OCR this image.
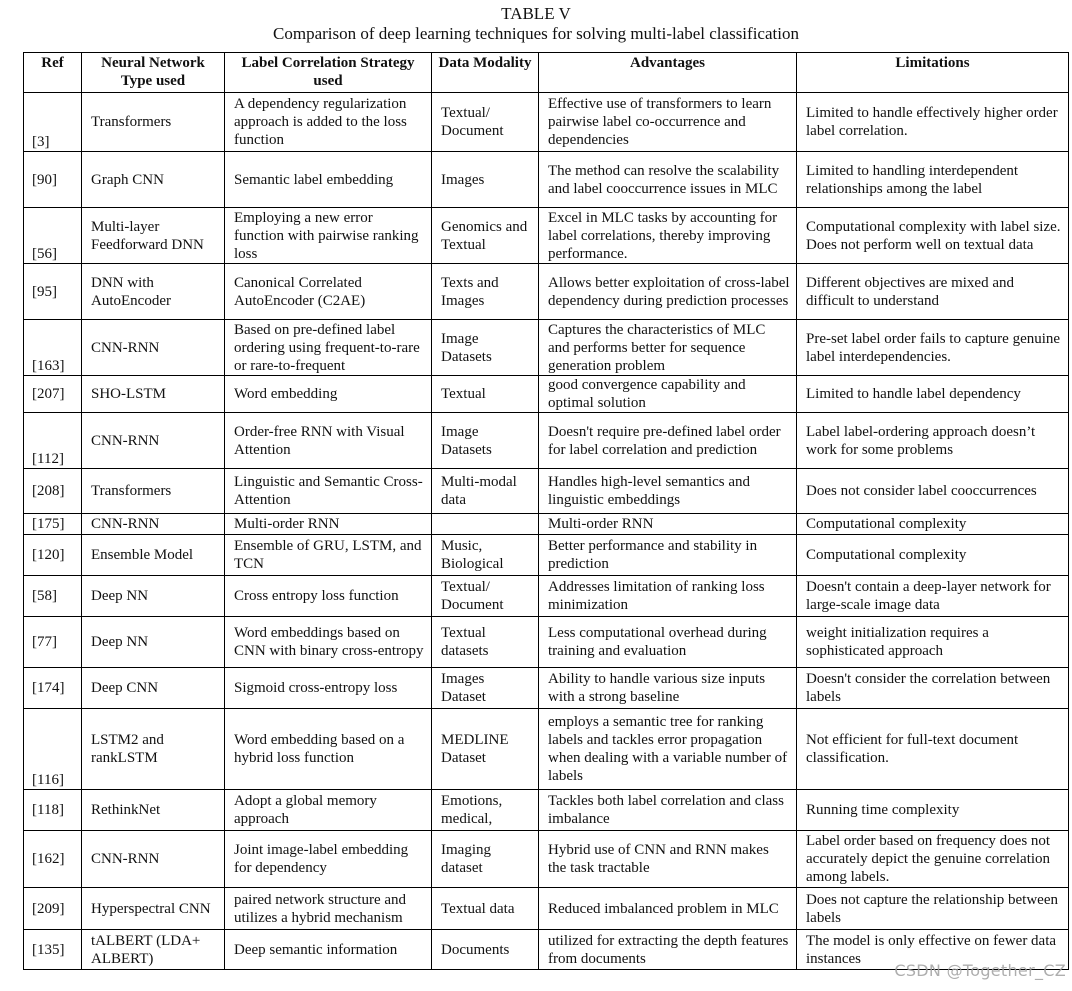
TABLE V
Comparison of deep learning techniques for solving multi-label classification
Ref	Neural Network Type used	Label Correlation Strategy used	Data Modality	Advantages	Limitations
[3]	Transformers	A dependency regularization approach is added to the loss function	Textual/ Document	Effective use of transformers to learn pairwise label co-occurrence and dependencies	Limited to handle effectively higher order label correlation.
[90]	Graph CNN	Semantic label embedding	Images	The method can resolve the scalability and label cooccurrence issues in MLC	Limited to handling interdependent relationships among the label
[56]	Multi-layer Feedforward DNN	Employing a new error function with pairwise ranking loss	Genomics and Textual	Excel in MLC tasks by accounting for label correlations, thereby improving performance.	Computational complexity with label size. Does not perform well on textual data
[95]	DNN with AutoEncoder	Canonical Correlated AutoEncoder (C2AE)	Texts and Images	Allows better exploitation of cross-label dependency during prediction processes	Different objectives are mixed and difficult to understand
[163]	CNN-RNN	Based on pre-defined label ordering using frequent-to-rare or rare-to-frequent	Image Datasets	Captures the characteristics of MLC and performs better for sequence generation problem	Pre-set label order fails to capture genuine label interdependencies.
[207]	SHO-LSTM	Word embedding	Textual	good convergence capability and optimal solution	Limited to handle label dependency
[112]	CNN-RNN	Order-free RNN with Visual Attention	Image Datasets	Doesn't require pre-defined label order for label correlation and prediction	Label label-ordering approach doesn’t work for some problems
[208]	Transformers	Linguistic and Semantic Cross-Attention	Multi-modal data	Handles high-level semantics and linguistic embeddings	Does not consider label cooccurrences
[175]	CNN-RNN	Multi-order RNN		Multi-order RNN	Computational complexity
[120]	Ensemble Model	Ensemble of GRU, LSTM, and TCN	Music, Biological	Better performance and stability in prediction	Computational complexity
[58]	Deep NN	Cross entropy loss function	Textual/ Document	Addresses limitation of ranking loss minimization	Doesn't contain a deep-layer network for large-scale image data
[77]	Deep NN	Word embeddings based on CNN with binary cross-entropy	Textual datasets	Less computational overhead during training and evaluation	weight initialization requires a sophisticated approach
[174]	Deep CNN	Sigmoid cross-entropy loss	Images Dataset	Ability to handle various size inputs with a strong baseline	Doesn't consider the correlation between labels
[116]	LSTM2 and rankLSTM	Word embedding based on a hybrid loss function	MEDLINE Dataset	employs a semantic tree for ranking labels and tackles error propagation when dealing with a variable number of labels	Not efficient for full-text document classification.
[118]	RethinkNet	Adopt a global memory approach	Emotions, medical,	Tackles both label correlation and class imbalance	Running time complexity
[162]	CNN-RNN	Joint image-label embedding for dependency	Imaging dataset	Hybrid use of CNN and RNN makes the task tractable	Label order based on frequency does not accurately depict the genuine correlation among labels.
[209]	Hyperspectral CNN	paired network structure and utilizes a hybrid mechanism	Textual data	Reduced imbalanced problem in MLC	Does not capture the relationship between labels
[135]	tALBERT (LDA+ ALBERT)	Deep semantic information	Documents	utilized for extracting the depth features from documents	The model is only effective on fewer data instances
CSDN @Together_CZ
